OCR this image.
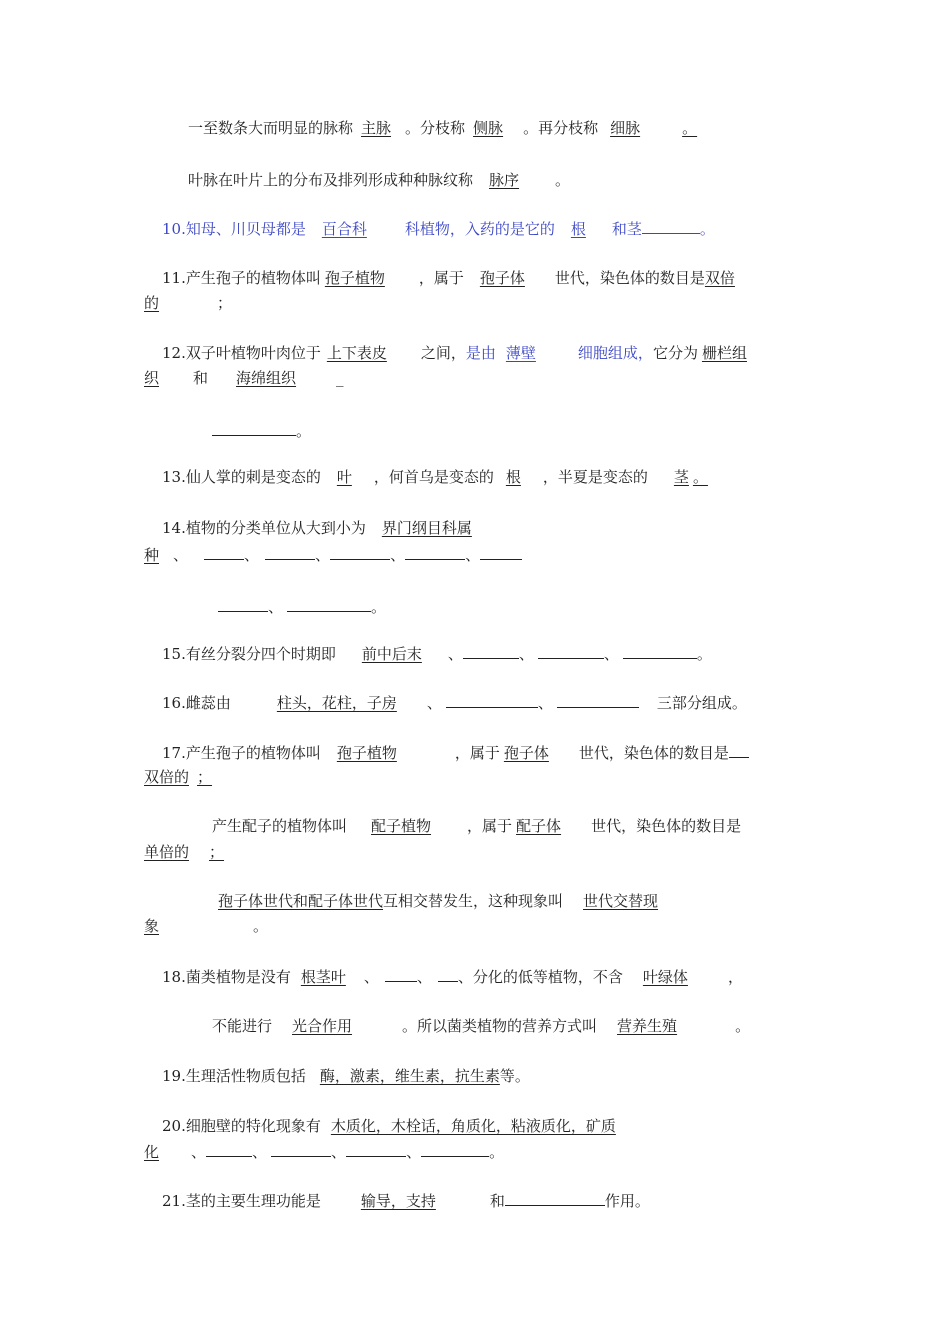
一至数条大而明显的脉称 主脉 。分枝称 侧脉 。再分枝称 细脉	。
叶脉在叶片上的分布及排列形成种种脉纹称 脉序 。
10.知母、川贝母都是 百合科	科植物，入药的是它的 根 和茎	。
11.产生孢子的植物体叫 孢子植物 ，属于 孢子体 世代，染色体的数目是双倍
的	；
12.双子叶植物叶肉位于 上下表皮 之间，是由 薄壁	细胞组成，它分为 栅栏组
织 和 海绵组织	_
。
13.仙人掌的刺是变态的 叶 ，何首乌是变态的 根 ，半夏是变态的 茎 。
14.植物的分类单位从大到小为 界门纲目科属
种 、	、	、	、	、
、	。
15.有丝分裂分四个时期即 前中后末 、	、	、	。
16.雌蕊由	柱头，花柱，子房 、	、	三部分组成。
17.产生孢子的植物体叫 孢子植物	，属于 孢子体 世代，染色体的数目是
双倍的 ；
产生配子的植物体叫 配子植物 ，属于 配子体 世代，染色体的数目是
单倍的 ；
孢子体世代和配子体世代互相交替发生，这种现象叫 世代交替现
象	。
18.菌类植物是没有 根茎叶 、	、 、分化的低等植物，不含 叶绿体	，
不能进行 光合作用	。所以菌类植物的营养方式叫 营养生殖	。
19.生理活性物质包括 酶，激素，维生素，抗生素等。
20.细胞壁的特化现象有 木质化，木栓话，角质化，粘液质化，矿质
化 、	、	、	、	。
21.茎的主要生理功能是	输导，支持	和	作用。
